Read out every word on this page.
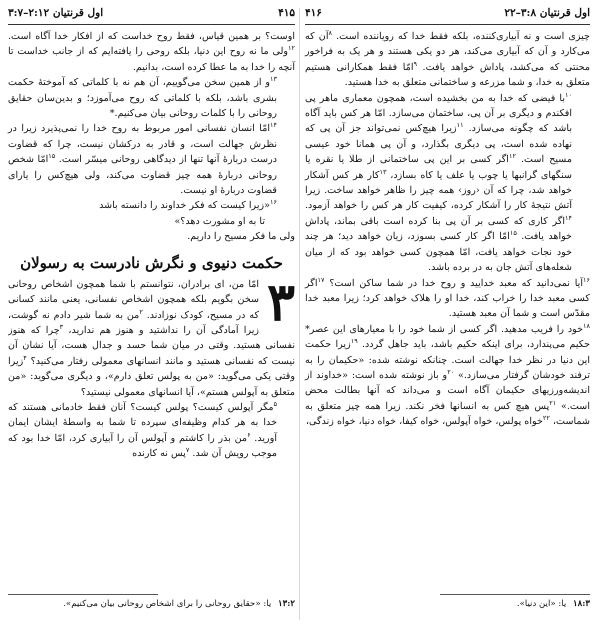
اول قرنتیان ۳:۸–۲۲
۴۱۶

چیزی است و نه آبیاری‌کننده، بلکه فقط خدا که رویاننده است. $^۸$آن که می‌کارد و آن که آبیاری می‌کند، هر دو یکی هستند و هر یک به فراخور محنتی که می‌کشد، پاداش خواهد یافت. $^۹$امّا فقط همکارانی هستیم متعلق به خدا، و شما مزرعه و ساختمانی متعلق به خدا هستید.

$^{۱۰}$با فیضی که خدا به من بخشیده است، همچون معماری ماهر پی افکندم و دیگری بر آن پی، ساختمان می‌سازد. امّا هر کس باید آگاه باشد که چگونه می‌سازد. $^{۱۱}$زیرا هیچ‌کس نمی‌تواند جز آن پی که نهاده شده است، پی دیگری بگذارد، و آن پی همانا خود عیسی مسیح است. $^{۱۲}$اگر کسی بر این پی ساختمانی از طلا یا نقره یا سنگهای گرانبها یا چوب یا علف یا کاه بسازد، $^{۱۳}$کار هر کس آشکار خواهد شد، چرا که آن ‹روز› همه چیز را ظاهر خواهد ساخت. زیرا آتش نتیجهٔ کار را آشکار کرده، کیفیت کار هر کس را خواهد آزمود. $^{۱۴}$اگر کاری که کسی بر آن پی بنا کرده است باقی بماند، پاداش خواهد یافت. $^{۱۵}$امّا اگر کار کسی بسوزد، زیان خواهد دید؛ هر چند خود نجات خواهد یافت، امّا همچون کسی خواهد بود که از میان شعله‌های آتش جان به در برده باشد.

$^{۱۶}$آیا نمی‌دانید که معبد خدایید و روح خدا در شما ساکن است؟ $^{۱۷}$اگر کسی معبد خدا را خراب کند، خدا او را هلاک خواهد کرد؛ زیرا معبد خدا مقدّس است و شما آن معبد هستید.

$^{۱۸}$خود را فریب مدهید. اگر کسی از شما خود را با معیارهای این عصر* حکیم می‌پندارد، برای اینکه حکیم باشد، باید جاهل گردد. $^{۱۹}$زیرا حکمت این دنیا در نظر خدا جهالت است. چنانکه نوشته شده: «حکیمان را به ترفند خودشان گرفتار می‌سازد.» $^{۲۰}$و باز نوشته شده است: «خداوند از اندیشه‌ورزیهای حکیمان آگاه است و می‌داند که آنها بطالت محض است.» $^{۲۱}$پس هیچ کس به انسانها فخر نکند. زیرا همه چیز متعلق به شماست، $^{۲۲}$خواه پولس، خواه آپولس، خواه کیفا، خواه دنیا، خواه زندگی،

۱۸:۳ یا: «این دنیا».
۴۱۵
اول قرنتیان ۲:۱۲–۳:۷

اوست؟ بر همین قیاس، فقط روح خداست که از افکار خدا آگاه است. $^{۱۲}$ولی ما نه روح این دنیا، بلکه روحی را یافته‌ایم که از جانب خداست تا آنچه را خدا به ما عطا کرده است، بدانیم.

$^{۱۳}$و از همین سخن می‌گوییم، آن هم نه با کلماتی که آموختهٔ حکمت بشری باشد، بلکه با کلماتی که روح می‌آموزد؛ و بدین‌سان حقایق روحانی را با کلمات روحانی بیان می‌کنیم.*

$^{۱۴}$امّا انسان نفسانی امور مربوط به روح خدا را نمی‌پذیرد زیرا در نظرش جهالت است، و قادر به درکشان نیست، چرا که قضاوت درست دربارهٔ آنها تنها از دیدگاهی روحانی میسّر است. $^{۱۵}$امّا شخص روحانی دربارهٔ همه چیز قضاوت می‌کند، ولی هیچ‌کس را یارای قضاوت دربارهٔ او نیست.

$^{۱۶}$«زیرا کیست که فکر خداوند را دانسته باشد

تا به او مشورت دهد؟»

ولی ما فکر مسیح را داریم.

حکمت دنیوی و نگرش نادرست به رسولان
۳

امّا من، ای برادران، نتوانستم با شما همچون اشخاص روحانی سخن بگویم بلکه همچون اشخاص نفسانی، یعنی مانند کسانی که در مسیح، کودک نوزادند. $^۲$من به شما شیر دادم نه گوشت، زیرا آمادگی آن را نداشتید و هنوز هم ندارید، $^۳$چرا که هنوز نفسانی هستید. وقتی در میان شما حسد و جدال هست، آیا نشان آن نیست که نفسانی هستید و مانند انسانهای معمولی رفتار می‌کنید؟ $^۴$زیرا وقتی یکی می‌گوید: «من به پولس تعلق دارم»، و دیگری می‌گوید: «من متعلق به آپولس هستم»، آیا انسانهای معمولی نیستید؟

$^۵$مگر آپولس کیست؟ پولس کیست؟ آنان فقط خادمانی هستند که خدا به هر کدام وظیفه‌ای سپرده تا شما به واسطهٔ ایشان ایمان آورید. $^۶$من بذر را کاشتم و آپولس آن را آبیاری کرد، امّا خدا بود که موجب رویش آن شد. $^۷$پس نه کارنده

۱۳:۲ یا: «حقایق روحانی را برای اشخاص روحانی بیان می‌کنیم».
